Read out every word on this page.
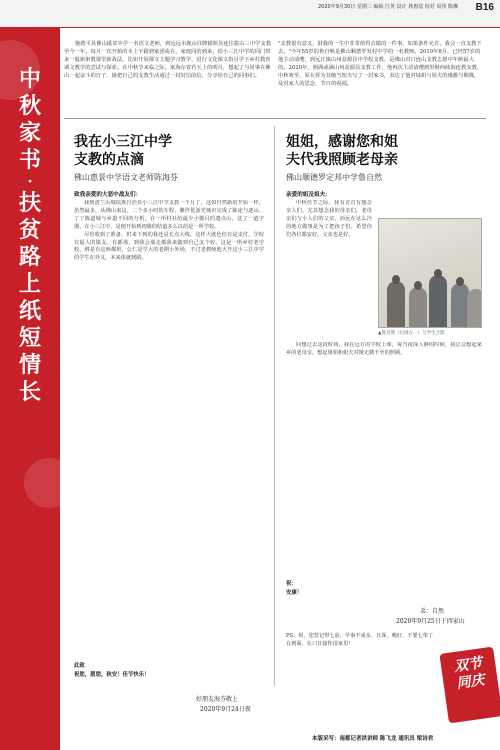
2020年9月30日 星期三 编辑 江英 设计 林惠瑶 校对 周伟 陈琳 B16
中
秋
家
书
·
扶
贫
路
上
纸
短
情
长

驰骋平县佛山援贫中学一名语文老师，到远远市鹿山往牌猫陕县连往拔山三中学支教至今一年。每月一次开始的本上不跟到家团或在，家庭同的到来，给小三江中学的同门带来一股新驱教课堂新战法，比如开展课文主题学习教学，进行文化课文指引学下乡村教育调文教学的尝试与探索。在中秋节来临之际，家海存着若天上的明月，想起了与同事在佛山一起奋斗的日子，她把自己的支教生活通过一封封信的信，分享给自己的同事们。

"支教很有意义，鼓我的一生中非常值得去做的一件事，如果条件允许，我会一直支教下去。"今年55岁的鲁自焕是佛山顺德罗发村中学的一名教师。2019年8月，已经57岁的他主动请缨，到远江镇山州盆源县中学校支教，是佛山对口连山支教志愿中年龄最大的。2020年，刚满或满山州盆源县支教工作，他再次主动请缨到里继西续海连教支教，中秋将至，原在挥为其缩当短夫写了一封家书，表达了他对妹姐与姐夫的感激与期冀，及对家人的思念、节日的祝福。

我在小三江中学
支教的点滴
佛山惠景中学语文老师陈海芬
致我亲爱的大恶中战友们：

我到清兰山城瑶族自治县小三江中学支教一个月了，这如自然新的开始一样，虽然最多，从佛山来这，二个多小时的车程，繁作优游光城市完成了陈途与逐山。了了陈道城与乡道不同的分析，在一所村社给最少小猫目的遗点山，这了一道字器，在小三江中，是便开始到初级的结道多么以给是一所学校。

尽管收到了准备，但来下到的我还是长点大线，这样大就色但有是支付，学校有福人的镇支，有都那，到我会那走都我来做到自己支个校，这是一所乡村老学校，绑是有这师都班，公仁是学大的老期小外场，不过老教师地大开这小三江中学的学生在外又，本来体就到路。

此致
祝您，愿您，秋安！佳节快乐！
好朋友海芬敬上
2020年9月24日夜
姐姐，感谢您和姐
夫代我照顾老母亲
佛山顺德罗定邦中学鲁自然
亲爱的姐及姐夫：

中秋佳节之际，我有首首有想念亲人们，尤其想念我的母亲们，老母亲们与小人们的父亲，而远在这么冷的地方做事是为了把孩子们，希望你们各位都安好，父亲也是好。

▲鲁自然（后排左一）与学生合影

回想过去这段时间，我在远方的学校上课，每当夜深人静的时候，我总会想起家乡的老母亲，想起姐姐和姐夫对她无微不至的照顾。

祝：
安康！
弟：自然
2020年9月25日于四家山
PS：姐，您替记得七前，早事不成多，且深，晚好，不要七带了在到面，在口且接你请家里！
双节
同庆
本版采写：南都记者洪讲师 陈飞龙 通讯员 梁诗君
